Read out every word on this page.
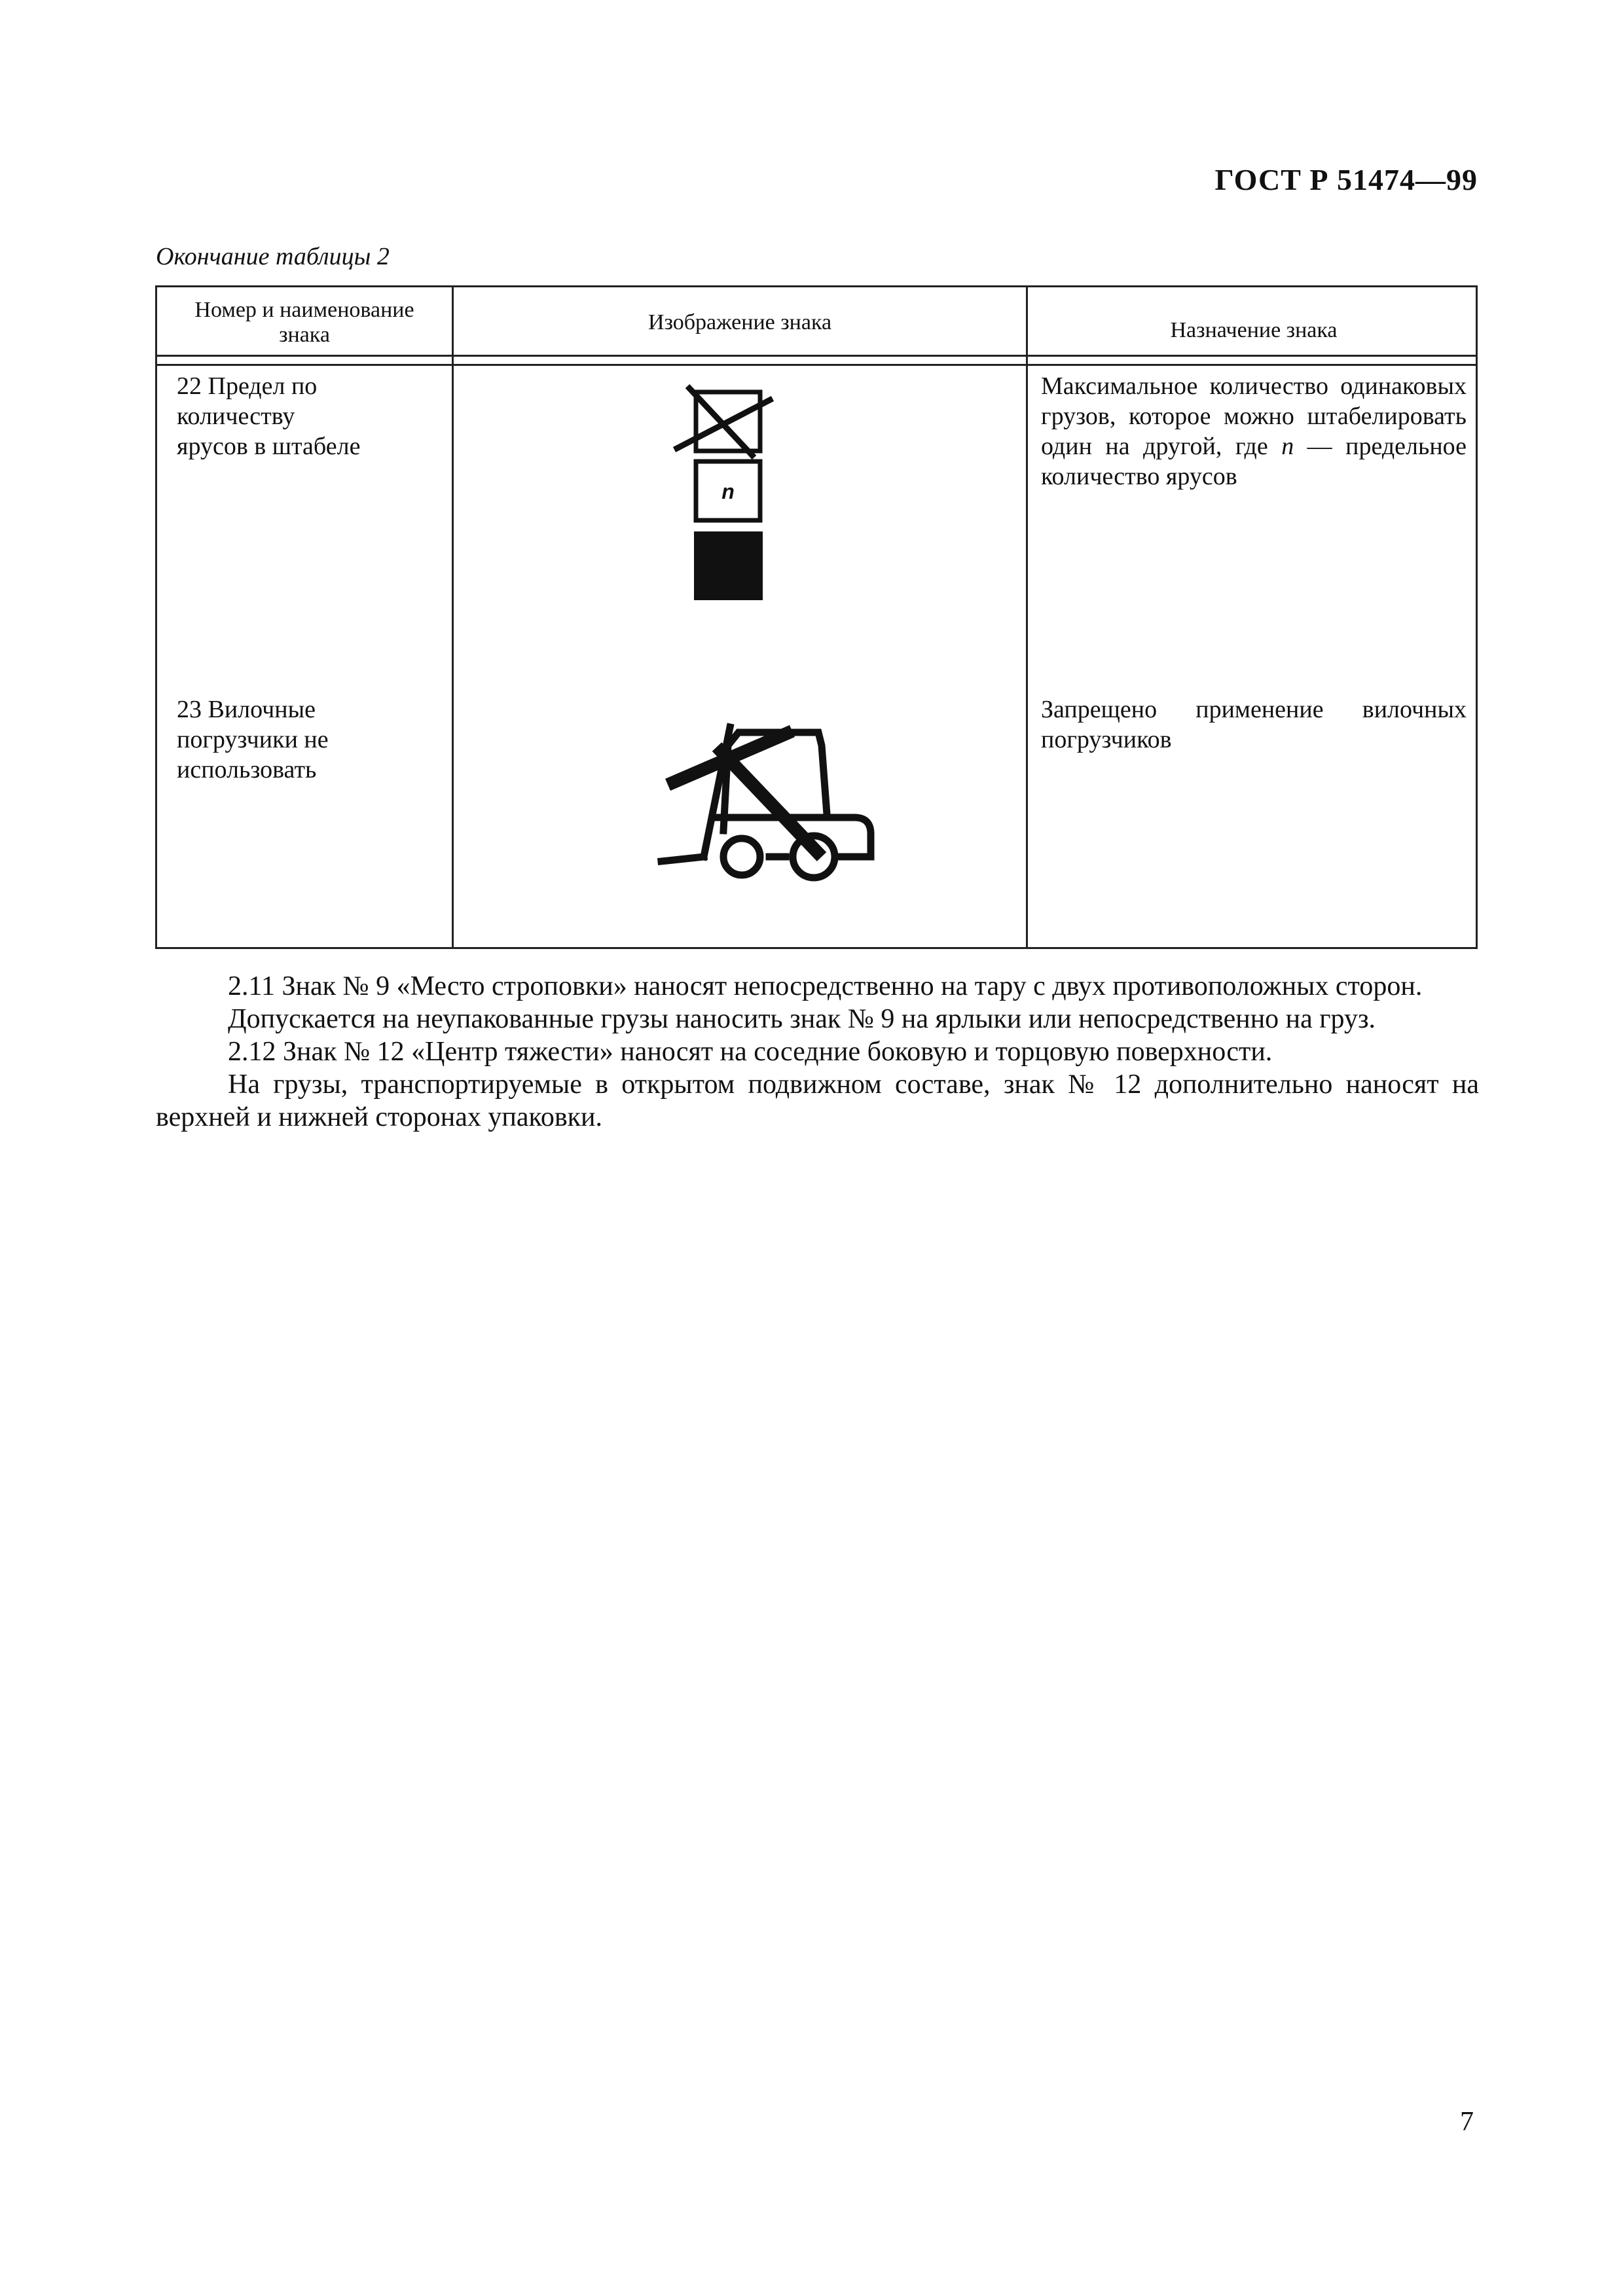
ГОСТ Р 51474—99
Окончание таблицы 2
Номер и наименование знака
Изображение знака	Назначение знака
22 Предел по
количеству
ярусов в штабеле
n
Максимальное количество одинаковых грузов, которое можно штабелировать один на другой, где n — предельное количество ярусов
23 Вилочные
погрузчики не
использовать
Запрещено применение вилочных погрузчиков

2.11 Знак № 9 «Место строповки» наносят непосредственно на тару с двух противоположных сторон.

Допускается на неупакованные грузы наносить знак № 9 на ярлыки или непосредственно на груз.

2.12 Знак № 12 «Центр тяжести» наносят на соседние боковую и торцовую поверхности.

На грузы, транспортируемые в открытом подвижном составе, знак № 12 дополнительно наносят на верхней и нижней сторонах упаковки.

7
